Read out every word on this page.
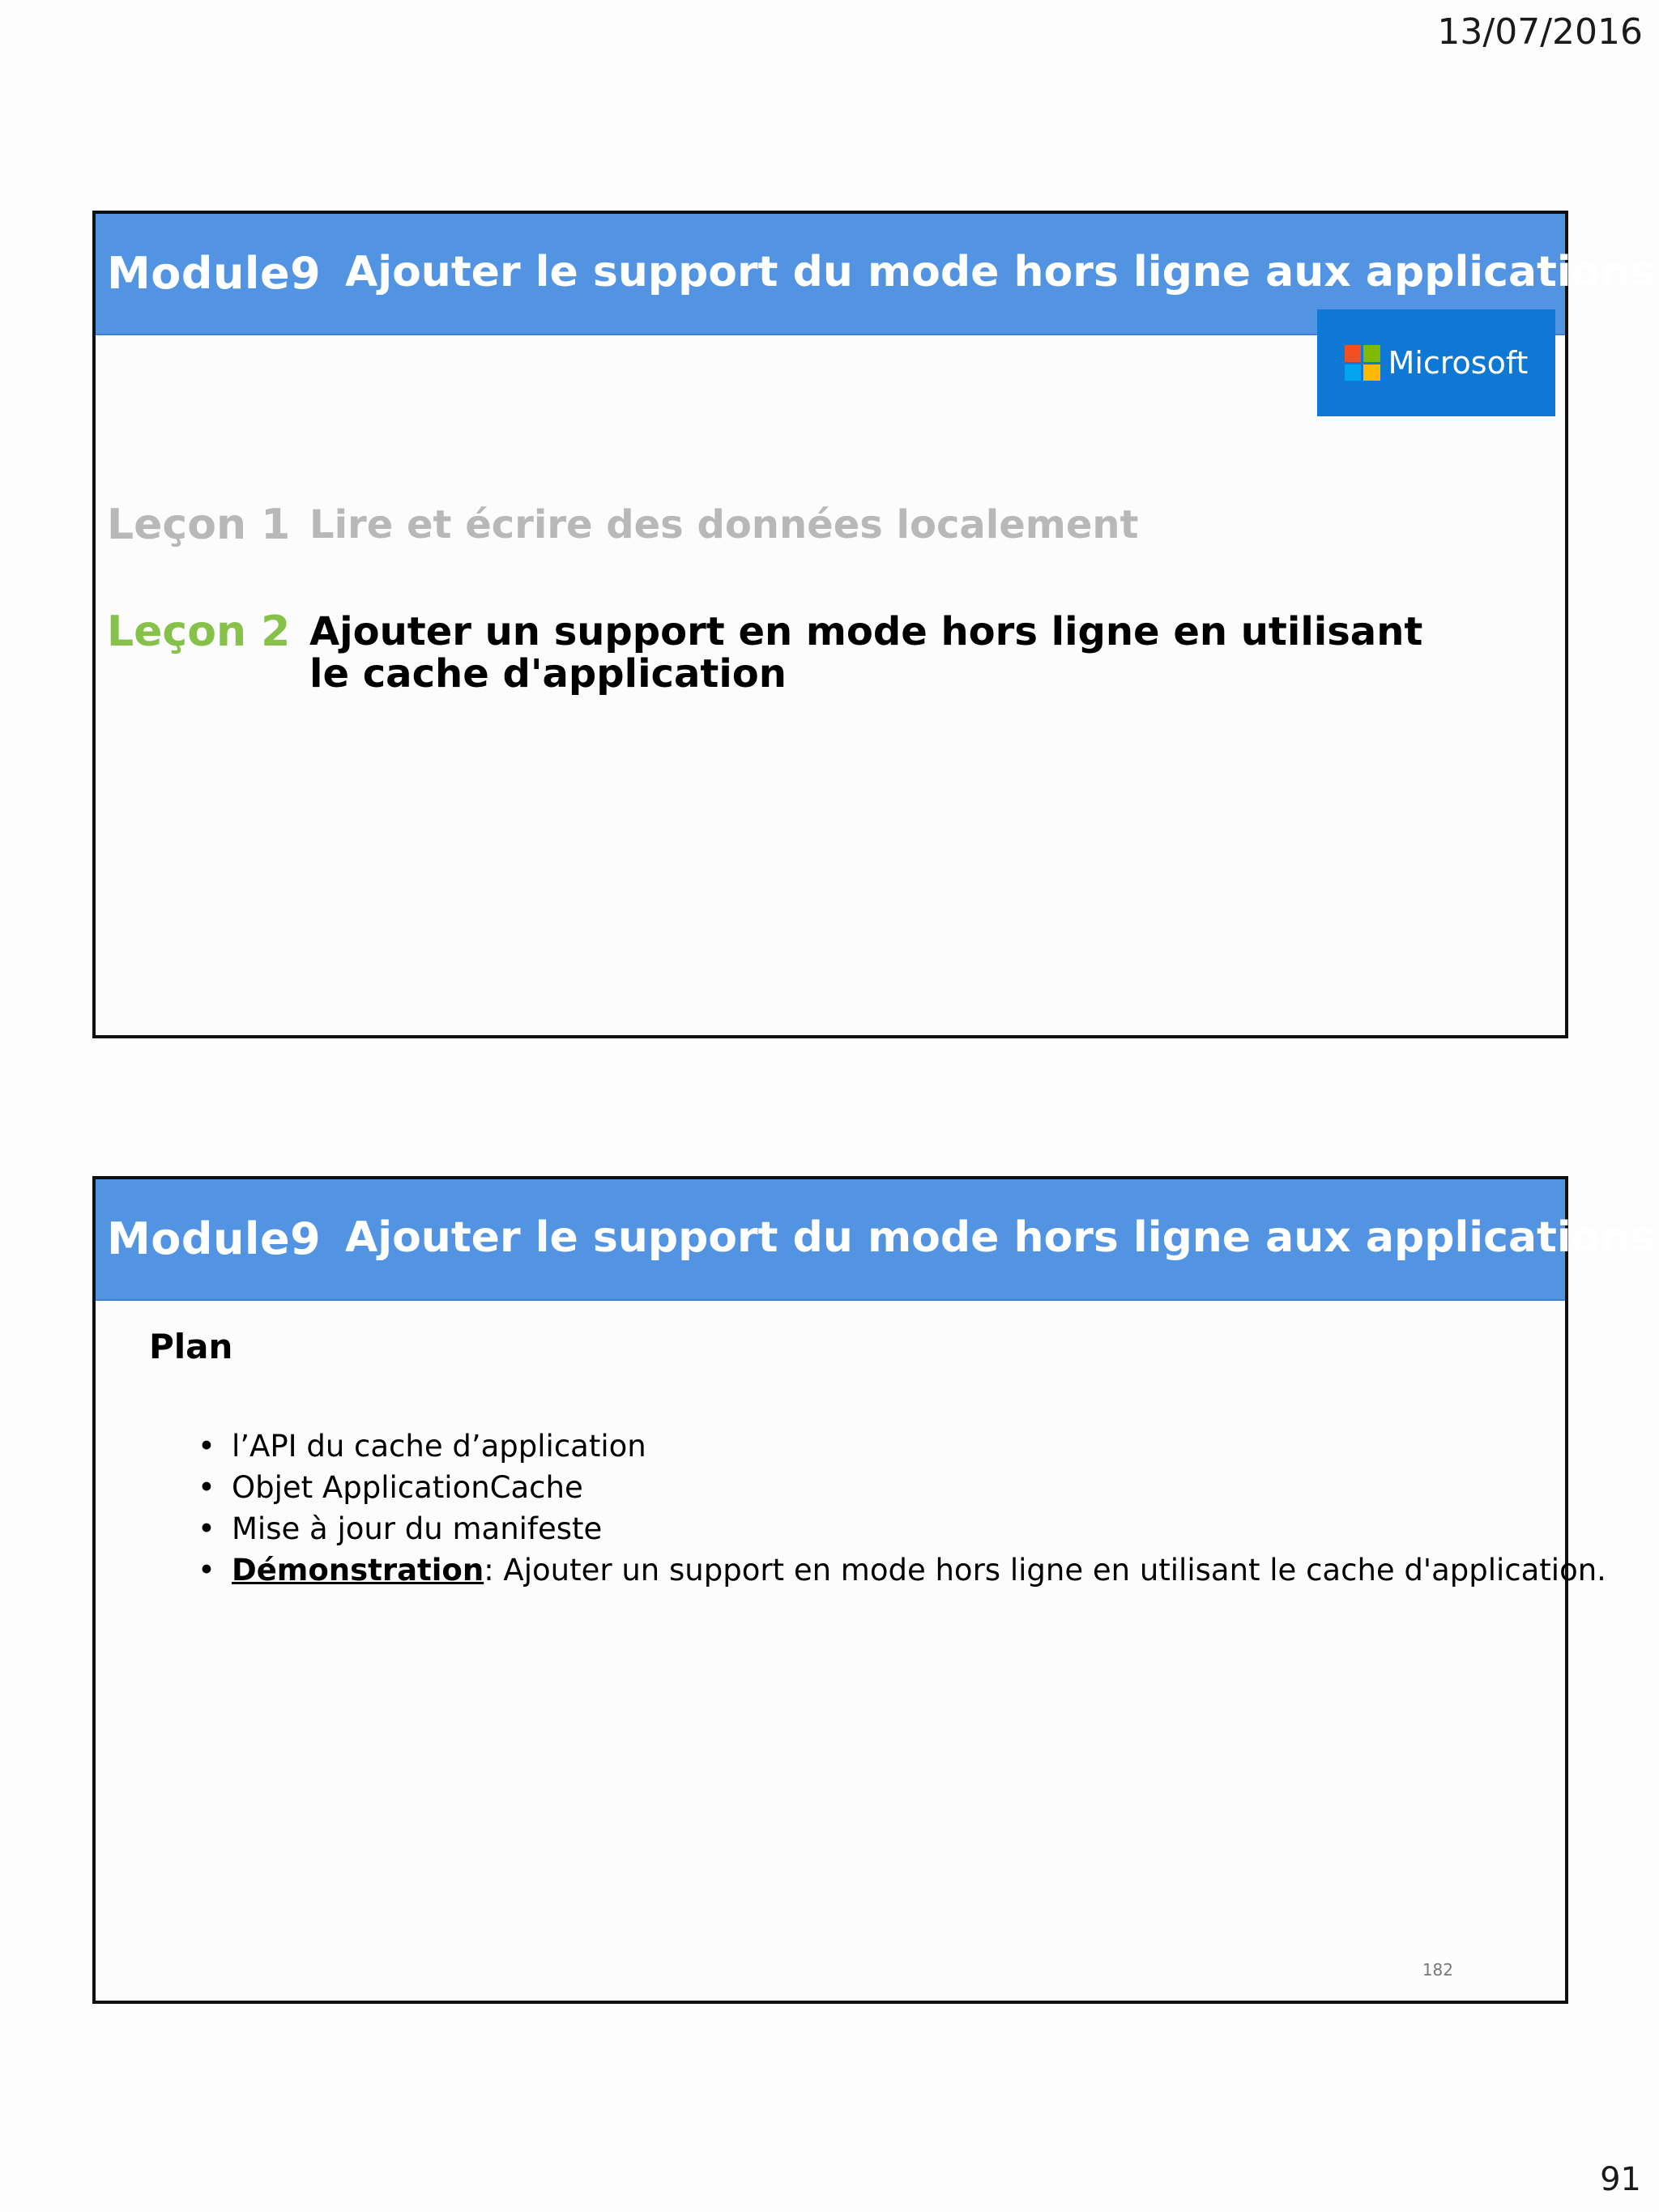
13/07/2016
Module9 Ajouter le support du mode hors ligne aux applications
Microsoft
Leçon 1 Lire et écrire des données localement
Leçon 2 Ajouter un support en mode hors ligne en utilisant le cache d'application
Module9 Ajouter le support du mode hors ligne aux applications
Plan
• l’API du cache d’application
• Objet ApplicationCache
• Mise à jour du manifeste
• Démonstration: Ajouter un support en mode hors ligne en utilisant le cache d'application.
182
91
